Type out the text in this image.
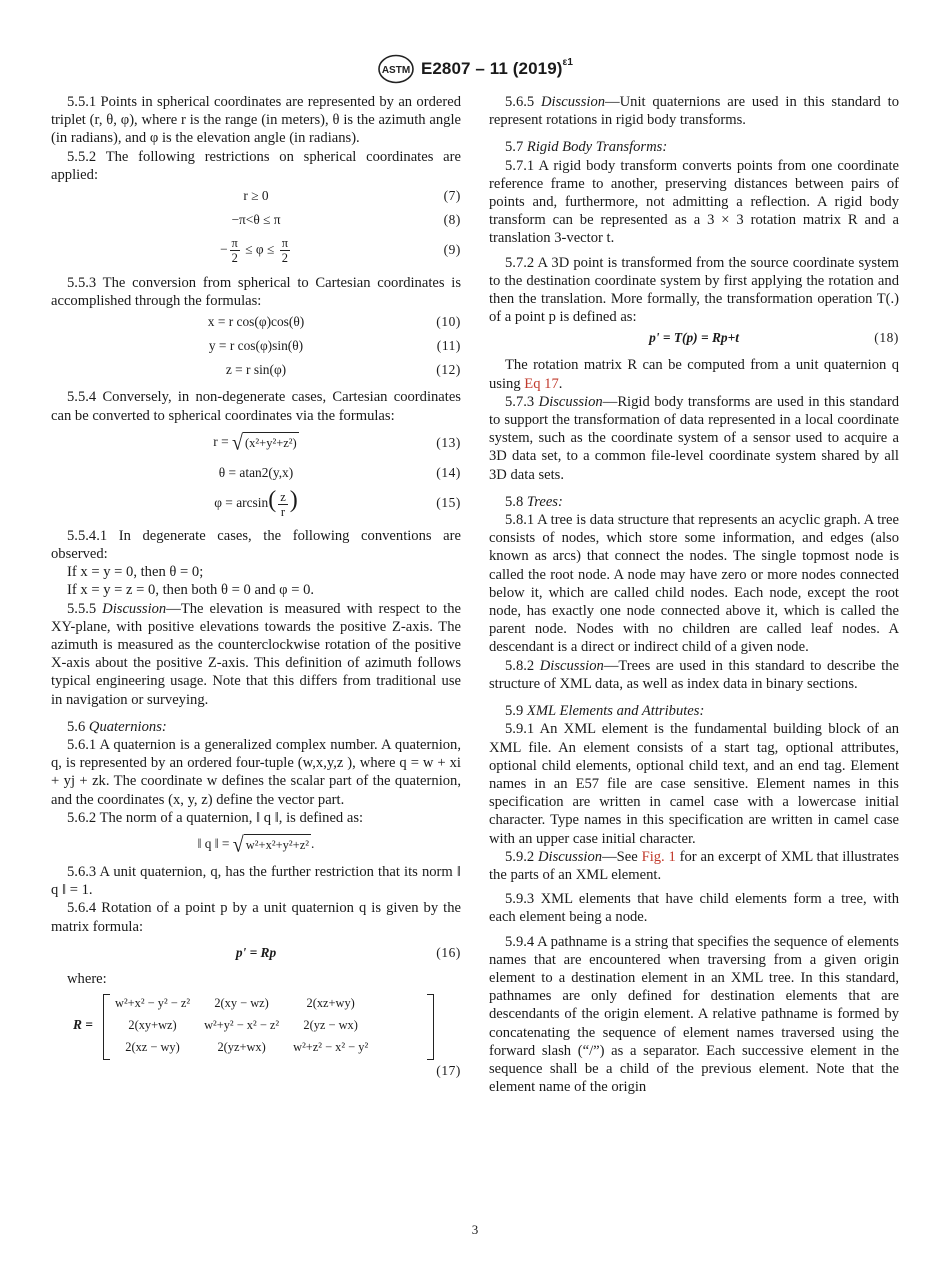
ASTM E2807 – 11 $(2019)^{\varepsilon 1}$

5.5.1 Points in spherical coordinates are represented by an ordered triplet (r, θ, φ), where r is the range (in meters), θ is the azimuth angle (in radians), and φ is the elevation angle (in radians).

5.5.2 The following restrictions on spherical coordinates are applied:

r ≥ 0	(7)
−π<θ ≤ π	(8)
− $\frac{\pi}{2} \le \varphi \le \frac{\pi}{2}$	(9)

5.5.3 The conversion from spherical to Cartesian coordinates is accomplished through the formulas:

x = r cos(φ)cos(θ)	(10)
y = r cos(φ)sin(θ)	(11)
z = r sin(φ)	(12)

5.5.4 Conversely, in non-degenerate cases, Cartesian coordinates can be converted to spherical coordinates via the formulas:

r = √ (x²+y²+z²)	(13)
θ = atan2(y,x)	(14)
$\varphi = \arcsin( \frac{z}{r}$ )	(15)

5.5.4.1 In degenerate cases, the following conventions are observed:

If x = y = 0, then θ = 0;

If x = y = z = 0, then both θ = 0 and φ = 0.

5.5.5 Discussion—The elevation is measured with respect to the XY-plane, with positive elevations towards the positive Z-axis. The azimuth is measured as the counterclockwise rotation of the positive X-axis about the positive Z-axis. This definition of azimuth follows typical engineering usage. Note that this differs from traditional use in navigation or surveying.

5.6 Quaternions:

5.6.1 A quaternion is a generalized complex number. A quaternion, q, is represented by an ordered four-tuple (w,x,y,z ), where q = w + xi + yj + zk. The coordinate w defines the scalar part of the quaternion, and the coordinates (x, y, z) define the vector part.

5.6.2 The norm of a quaternion, ‖ q ‖, is defined as:

‖ q ‖ = √ w²+x²+y²+z² .

5.6.3 A unit quaternion, q, has the further restriction that its norm ‖ q ‖ = 1.

5.6.4 Rotation of a point p by a unit quaternion q is given by the matrix formula:

p' = Rp	(16)

where:

R =
w²+x² − y² − z²	2(xy − wz)	2(xz+wy)
2(xy+wz)	w²+y² − x² − z²	2(yz − wx)
2(xz − wy)	2(yz+wx)	w²+z² − x² − y²
(17)

5.6.5 Discussion—Unit quaternions are used in this standard to represent rotations in rigid body transforms.

5.7 Rigid Body Transforms:

5.7.1 A rigid body transform converts points from one coordinate reference frame to another, preserving distances between pairs of points and, furthermore, not admitting a reflection. A rigid body transform can be represented as a 3 × 3 rotation matrix R and a translation 3-vector t.

5.7.2 A 3D point is transformed from the source coordinate system to the destination coordinate system by first applying the rotation and then the translation. More formally, the transformation operation T(.) of a point p is defined as:

p' = T(p) = Rp+t	(18)

The rotation matrix R can be computed from a unit quaternion q using Eq 17.

5.7.3 Discussion—Rigid body transforms are used in this standard to support the transformation of data represented in a local coordinate system, such as the coordinate system of a sensor used to acquire a 3D data set, to a common file-level coordinate system shared by all 3D data sets.

5.8 Trees:

5.8.1 A tree is data structure that represents an acyclic graph. A tree consists of nodes, which store some information, and edges (also known as arcs) that connect the nodes. The single topmost node is called the root node. A node may have zero or more nodes connected below it, which are called child nodes. Each node, except the root node, has exactly one node connected above it, which is called the parent node. Nodes with no children are called leaf nodes. A descendant is a direct or indirect child of a given node.

5.8.2 Discussion—Trees are used in this standard to describe the structure of XML data, as well as index data in binary sections.

5.9 XML Elements and Attributes:

5.9.1 An XML element is the fundamental building block of an XML file. An element consists of a start tag, optional attributes, optional child elements, optional child text, and an end tag. Element names in an E57 file are case sensitive. Element names in this specification are written in camel case with a lowercase initial character. Type names in this specification are written in camel case with an upper case initial character.

5.9.2 Discussion—See Fig. 1 for an excerpt of XML that illustrates the parts of an XML element.

5.9.3 XML elements that have child elements form a tree, with each element being a node.

5.9.4 A pathname is a string that specifies the sequence of elements names that are encountered when traversing from a given origin element to a destination element in an XML tree. In this standard, pathnames are only defined for destination elements that are descendants of the origin element. A relative pathname is formed by concatenating the sequence of element names traversed using the forward slash (“/”) as a separator. Each successive element in the sequence shall be a child of the previous element. Note that the element name of the origin

3
